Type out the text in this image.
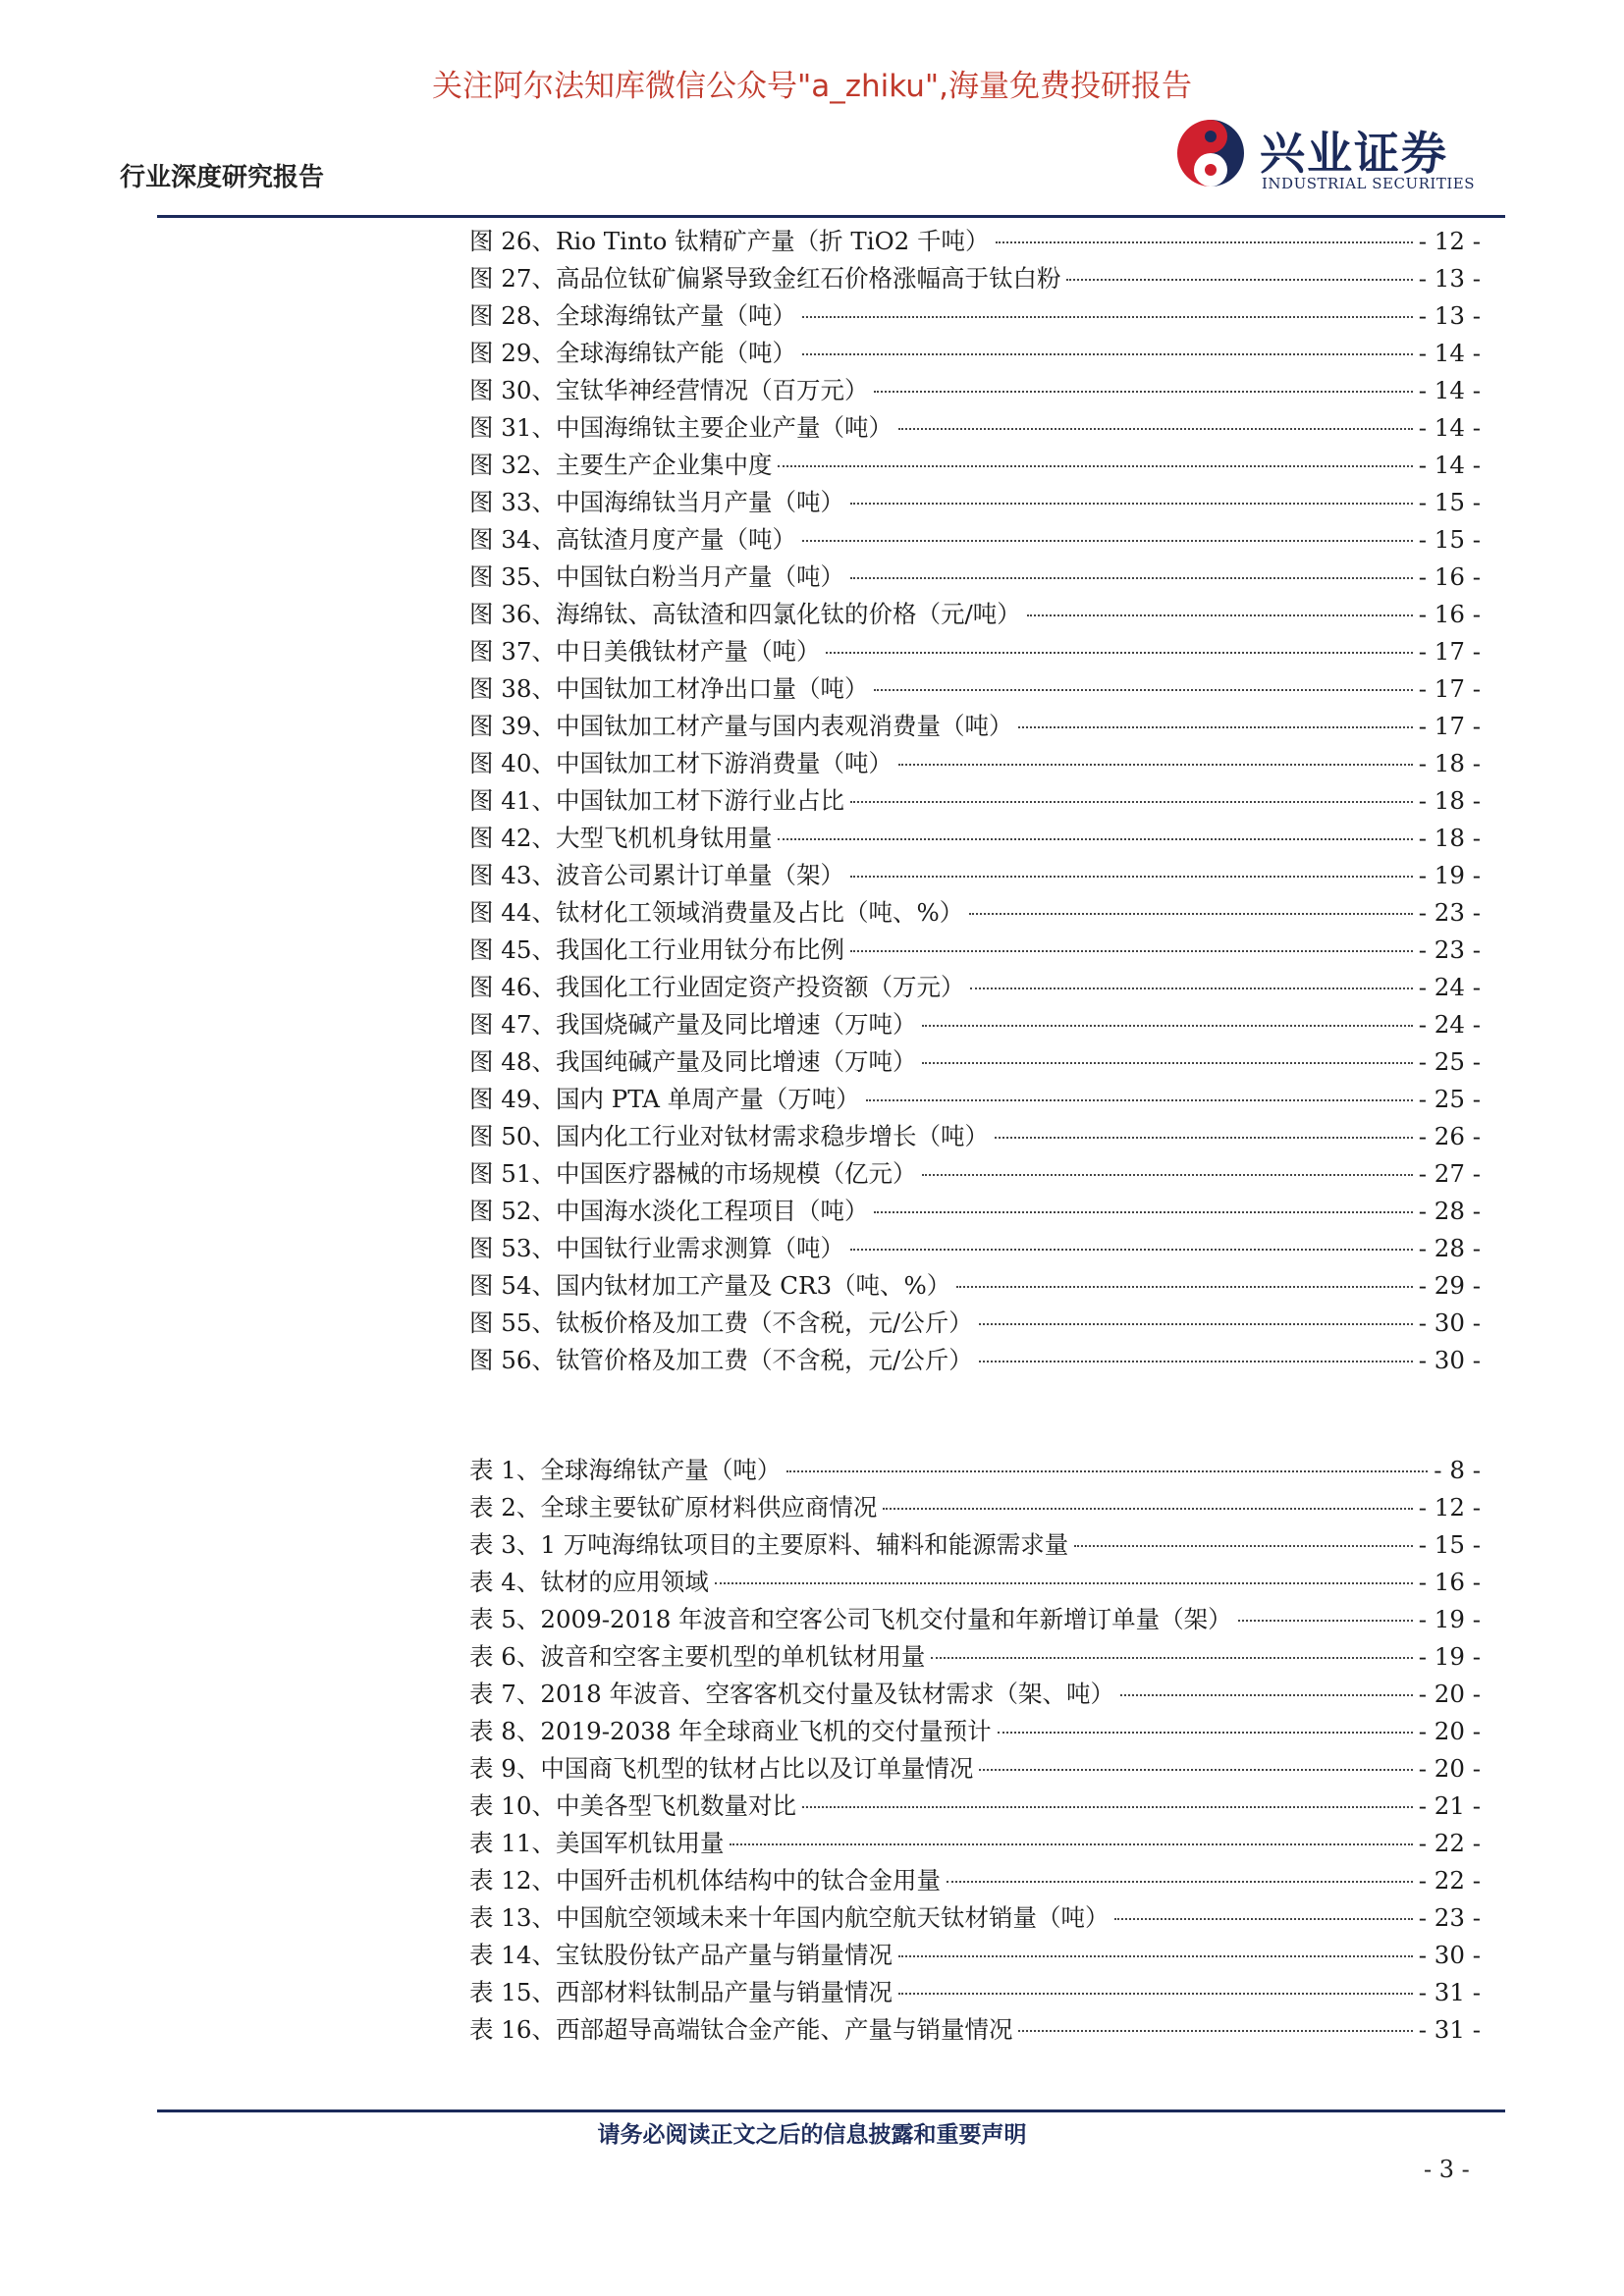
关注阿尔法知库微信公众号"a_zhiku",海量免费投研报告
行业深度研究报告	兴业证券
INDUSTRIAL SECURITIES
图 26、Rio Tinto 钛精矿产量（折 TiO2 千吨）	- 12 -
图 27、高品位钛矿偏紧导致金红石价格涨幅高于钛白粉	- 13 -
图 28、全球海绵钛产量（吨）	- 13 -
图 29、全球海绵钛产能（吨）	- 14 -
图 30、宝钛华神经营情况（百万元）	- 14 -
图 31、中国海绵钛主要企业产量（吨）	- 14 -
图 32、主要生产企业集中度	- 14 -
图 33、中国海绵钛当月产量（吨）	- 15 -
图 34、高钛渣月度产量（吨）	- 15 -
图 35、中国钛白粉当月产量（吨）	- 16 -
图 36、海绵钛、高钛渣和四氯化钛的价格（元/吨）	- 16 -
图 37、中日美俄钛材产量（吨）	- 17 -
图 38、中国钛加工材净出口量（吨）	- 17 -
图 39、中国钛加工材产量与国内表观消费量（吨）	- 17 -
图 40、中国钛加工材下游消费量（吨）	- 18 -
图 41、中国钛加工材下游行业占比	- 18 -
图 42、大型飞机机身钛用量	- 18 -
图 43、波音公司累计订单量（架）	- 19 -
图 44、钛材化工领域消费量及占比（吨、%）	- 23 -
图 45、我国化工行业用钛分布比例	- 23 -
图 46、我国化工行业固定资产投资额（万元）	- 24 -
图 47、我国烧碱产量及同比增速（万吨）	- 24 -
图 48、我国纯碱产量及同比增速（万吨）	- 25 -
图 49、国内 PTA 单周产量（万吨）	- 25 -
图 50、国内化工行业对钛材需求稳步增长（吨）	- 26 -
图 51、中国医疗器械的市场规模（亿元）	- 27 -
图 52、中国海水淡化工程项目（吨）	- 28 -
图 53、中国钛行业需求测算（吨）	- 28 -
图 54、国内钛材加工产量及 CR3（吨、%）	- 29 -
图 55、钛板价格及加工费（不含税，元/公斤）	- 30 -
图 56、钛管价格及加工费（不含税，元/公斤）	- 30 -
表 1、全球海绵钛产量（吨）	- 8 -
表 2、全球主要钛矿原材料供应商情况	- 12 -
表 3、1 万吨海绵钛项目的主要原料、辅料和能源需求量	- 15 -
表 4、钛材的应用领域	- 16 -
表 5、2009-2018 年波音和空客公司飞机交付量和年新增订单量（架）	- 19 -
表 6、波音和空客主要机型的单机钛材用量	- 19 -
表 7、2018 年波音、空客客机交付量及钛材需求（架、吨）	- 20 -
表 8、2019-2038 年全球商业飞机的交付量预计	- 20 -
表 9、中国商飞机型的钛材占比以及订单量情况	- 20 -
表 10、中美各型飞机数量对比	- 21 -
表 11、美国军机钛用量	- 22 -
表 12、中国歼击机机体结构中的钛合金用量	- 22 -
表 13、中国航空领域未来十年国内航空航天钛材销量（吨）	- 23 -
表 14、宝钛股份钛产品产量与销量情况	- 30 -
表 15、西部材料钛制品产量与销量情况	- 31 -
表 16、西部超导高端钛合金产能、产量与销量情况	- 31 -
请务必阅读正文之后的信息披露和重要声明
- 3 -
